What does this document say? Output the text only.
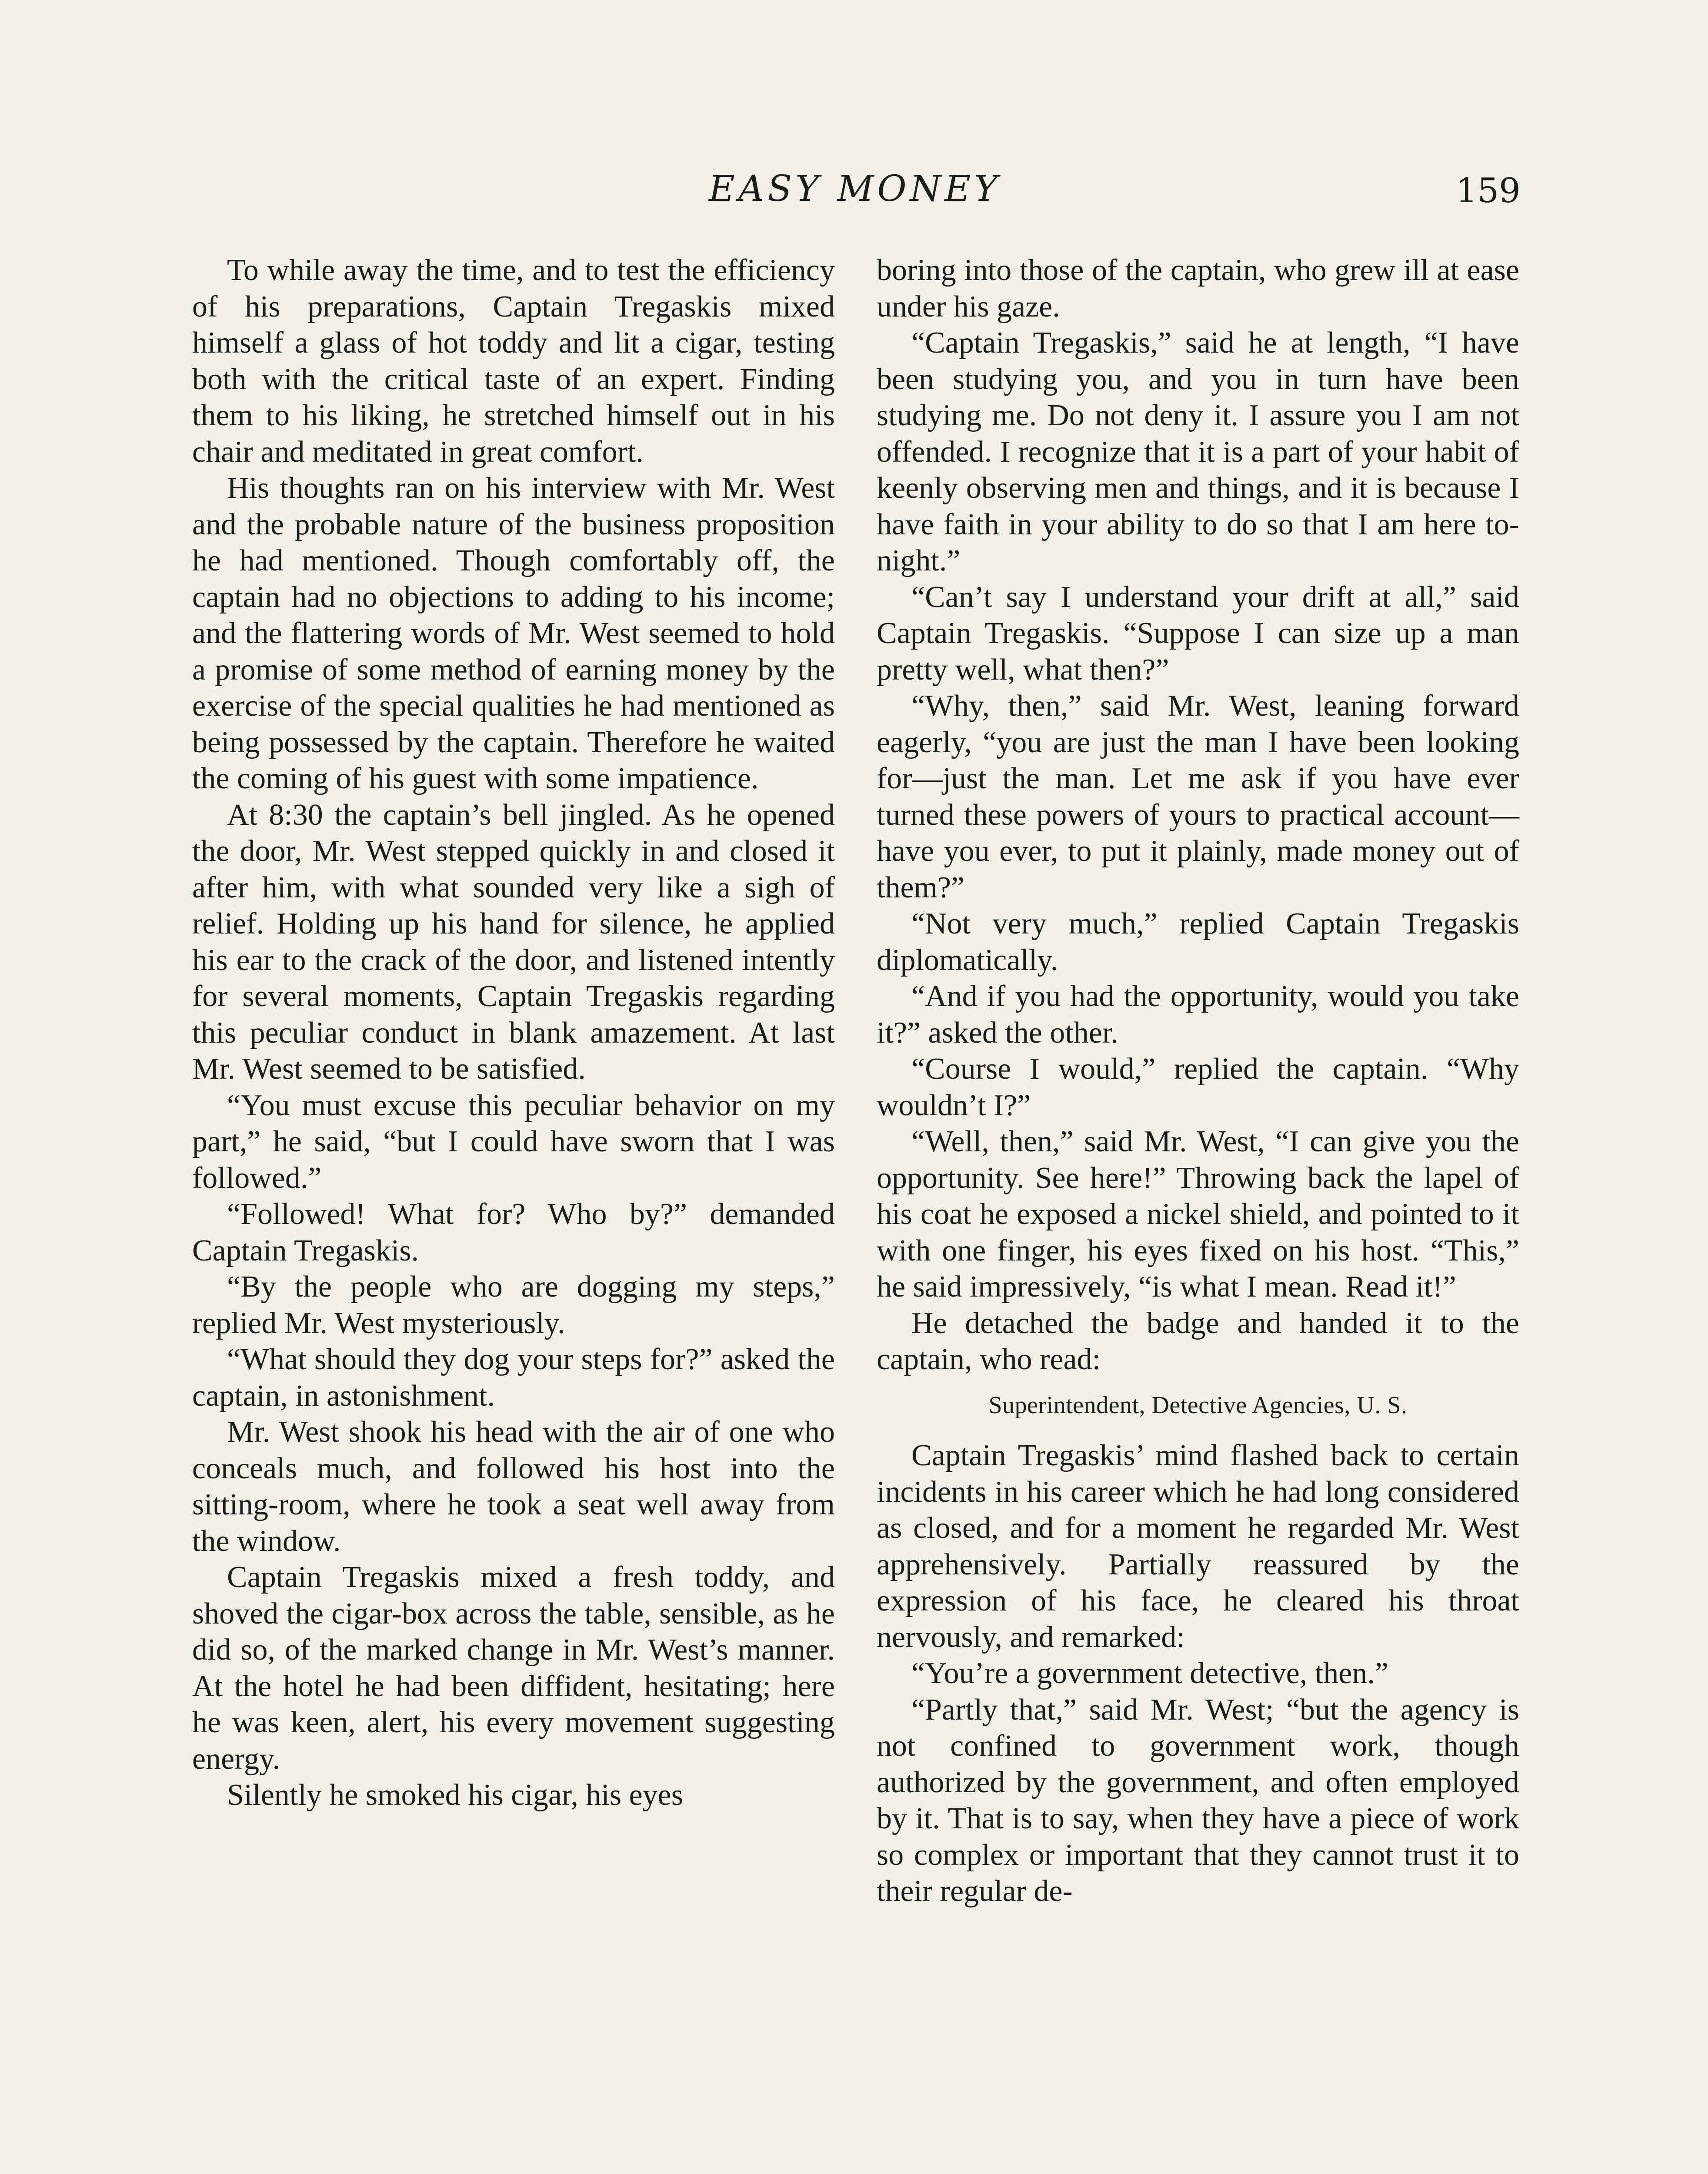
EASY MONEY	159

To while away the time, and to test the efficiency of his preparations, Captain Tregaskis mixed himself a glass of hot toddy and lit a cigar, testing both with the critical taste of an expert. Finding them to his liking, he stretched himself out in his chair and meditated in great comfort.

His thoughts ran on his interview with Mr. West and the probable nature of the business proposition he had mentioned. Though comfortably off, the captain had no objections to adding to his income; and the flattering words of Mr. West seemed to hold a promise of some method of earning money by the exercise of the special qualities he had mentioned as being possessed by the captain. Therefore he waited the coming of his guest with some impatience.

At 8:30 the captain’s bell jingled. As he opened the door, Mr. West stepped quickly in and closed it after him, with what sounded very like a sigh of relief. Holding up his hand for silence, he applied his ear to the crack of the door, and listened intently for several moments, Captain Tregaskis regarding this peculiar conduct in blank amazement. At last Mr. West seemed to be satisfied.

“You must excuse this peculiar behavior on my part,” he said, “but I could have sworn that I was followed.”

“Followed! What for? Who by?” demanded Captain Tregaskis.

“By the people who are dogging my steps,” replied Mr. West mysteriously.

“What should they dog your steps for?” asked the captain, in astonishment.

Mr. West shook his head with the air of one who conceals much, and followed his host into the sitting-room, where he took a seat well away from the window.

Captain Tregaskis mixed a fresh toddy, and shoved the cigar-box across the table, sensible, as he did so, of the marked change in Mr. West’s manner. At the hotel he had been diffident, hesitating; here he was keen, alert, his every movement suggesting energy.

Silently he smoked his cigar, his eyes

boring into those of the captain, who grew ill at ease under his gaze.

“Captain Tregaskis,” said he at length, “I have been studying you, and you in turn have been studying me. Do not deny it. I assure you I am not offended. I recognize that it is a part of your habit of keenly observing men and things, and it is because I have faith in your ability to do so that I am here tonight.”

“Can’t say I understand your drift at all,” said Captain Tregaskis. “Suppose I can size up a man pretty well, what then?”

“Why, then,” said Mr. West, leaning forward eagerly, “you are just the man I have been looking for—just the man. Let me ask if you have ever turned these powers of yours to practical account—have you ever, to put it plainly, made money out of them?”

“Not very much,” replied Captain Tregaskis diplomatically.

“And if you had the opportunity, would you take it?” asked the other.

“Course I would,” replied the captain. “Why wouldn’t I?”

“Well, then,” said Mr. West, “I can give you the opportunity. See here!” Throwing back the lapel of his coat he exposed a nickel shield, and pointed to it with one finger, his eyes fixed on his host. “This,” he said impressively, “is what I mean. Read it!”

He detached the badge and handed it to the captain, who read:

Superintendent, Detective Agencies, U. S.

Captain Tregaskis’ mind flashed back to certain incidents in his career which he had long considered as closed, and for a moment he regarded Mr. West apprehensively. Partially reassured by the expression of his face, he cleared his throat nervously, and remarked:

“You’re a government detective, then.”

“Partly that,” said Mr. West; “but the agency is not confined to government work, though authorized by the government, and often employed by it. That is to say, when they have a piece of work so complex or important that they cannot trust it to their regular de-
